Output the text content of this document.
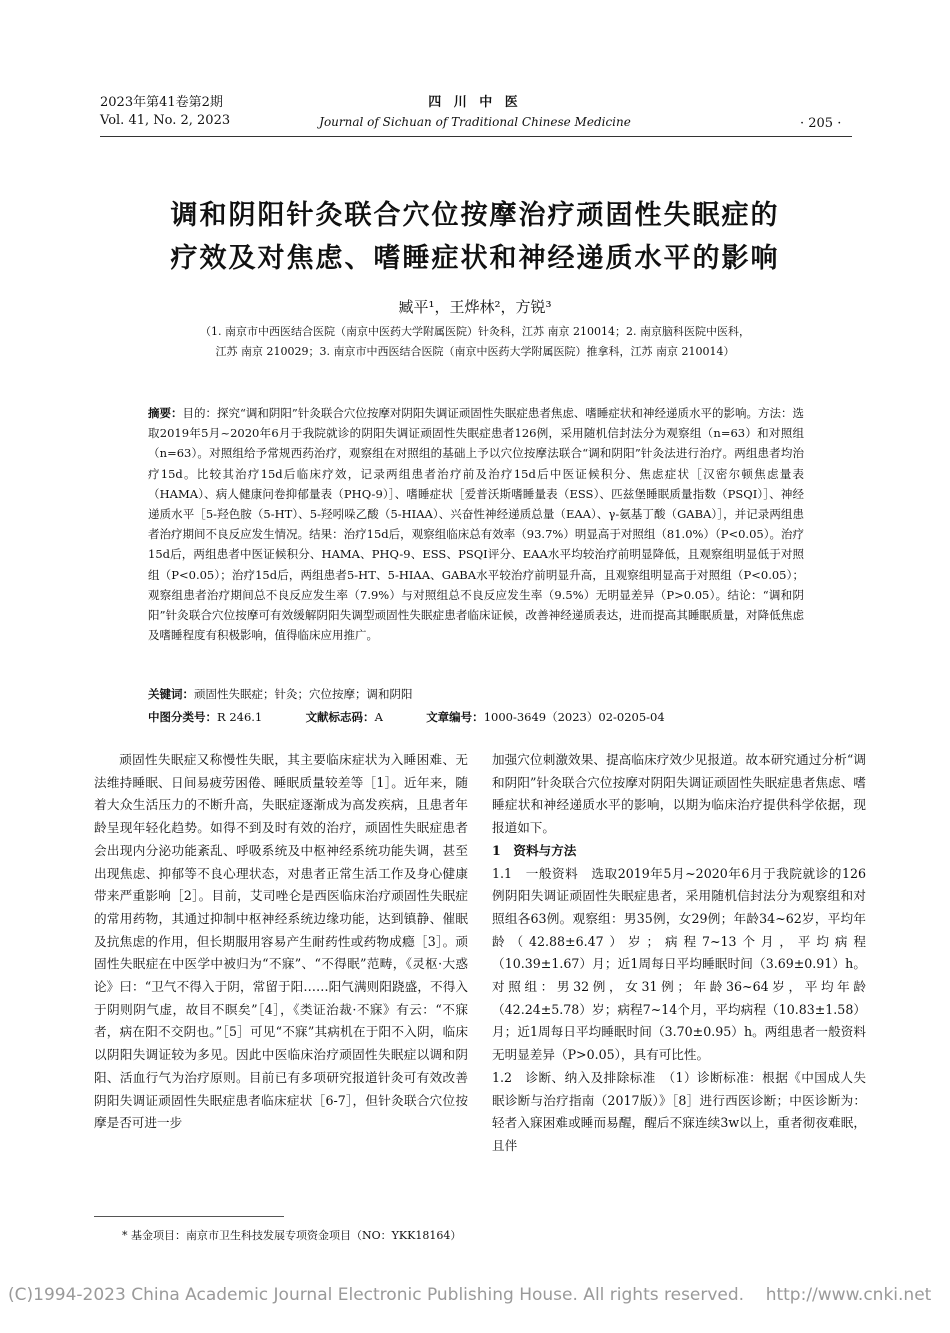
2023年第41卷第2期
Vol. 41, No. 2, 2023
四 川 中 医
Journal of Sichuan of Traditional Chinese Medicine	· 205 ·
调和阴阳针灸联合穴位按摩治疗顽固性失眠症的
疗效及对焦虑、嗜睡症状和神经递质水平的影响
臧平¹，王烨林²，方锐³
（1. 南京市中西医结合医院（南京中医药大学附属医院）针灸科，江苏 南京 210014；2. 南京脑科医院中医科，
江苏 南京 210029；3. 南京市中西医结合医院（南京中医药大学附属医院）推拿科，江苏 南京 210014）
摘要：目的：探究“调和阴阳”针灸联合穴位按摩对阴阳失调证顽固性失眠症患者焦虑、嗜睡症状和神经递质水平的影响。方法：选取2019年5月~2020年6月于我院就诊的阴阳失调证顽固性失眠症患者126例，采用随机信封法分为观察组（n=63）和对照组（n=63）。对照组给予常规西药治疗，观察组在对照组的基础上予以穴位按摩法联合“调和阴阳”针灸法进行治疗。两组患者均治疗15d。比较其治疗15d后临床疗效，记录两组患者治疗前及治疗15d后中医证候积分、焦虑症状［汉密尔顿焦虑量表（HAMA）、病人健康问卷抑郁量表（PHQ-9）］、嗜睡症状［爱普沃斯嗜睡量表（ESS）、匹兹堡睡眠质量指数（PSQI）］、神经递质水平［5-羟色胺（5-HT）、5-羟吲哚乙酸（5-HIAA）、兴奋性神经递质总量（EAA）、γ-氨基丁酸（GABA）］，并记录两组患者治疗期间不良反应发生情况。结果：治疗15d后，观察组临床总有效率（93.7%）明显高于对照组（81.0%）（P<0.05）。治疗15d后，两组患者中医证候积分、HAMA、PHQ-9、ESS、PSQI评分、EAA水平均较治疗前明显降低，且观察组明显低于对照组（P<0.05）；治疗15d后，两组患者5-HT、5-HIAA、GABA水平较治疗前明显升高，且观察组明显高于对照组（P<0.05）；观察组患者治疗期间总不良反应发生率（7.9%）与对照组总不良反应发生率（9.5%）无明显差异（P>0.05）。结论：“调和阴阳”针灸联合穴位按摩可有效缓解阴阳失调型顽固性失眠症患者临床证候，改善神经递质表达，进而提高其睡眠质量，对降低焦虑及嗜睡程度有积极影响，值得临床应用推广。
关键词：顽固性失眠症；针灸；穴位按摩；调和阴阳
中图分类号：R 246.1	文献标志码：A	文章编号：1000-3649（2023）02-0205-04

顽固性失眠症又称慢性失眠，其主要临床症状为入睡困难、无法维持睡眠、日间易疲劳困倦、睡眠质量较差等［1］。近年来，随着大众生活压力的不断升高，失眠症逐渐成为高发疾病，且患者年龄呈现年轻化趋势。如得不到及时有效的治疗，顽固性失眠症患者会出现内分泌功能紊乱、呼吸系统及中枢神经系统功能失调，甚至出现焦虑、抑郁等不良心理状态，对患者正常生活工作及身心健康带来严重影响［2］。目前，艾司唑仑是西医临床治疗顽固性失眠症的常用药物，其通过抑制中枢神经系统边缘功能，达到镇静、催眠及抗焦虑的作用，但长期服用容易产生耐药性或药物成瘾［3］。顽固性失眠症在中医学中被归为“不寐”、“不得眠”范畴，《灵枢·大惑论》曰：“卫气不得入于阴，常留于阳……阳气满则阳跷盛，不得入于阴则阴气虚，故目不瞑矣”［4］，《类证治裁·不寐》有云：“不寐者，病在阳不交阴也。”［5］可见“不寐”其病机在于阳不入阴，临床以阴阳失调证较为多见。因此中医临床治疗顽固性失眠症以调和阴阳、活血行气为治疗原则。目前已有多项研究报道针灸可有效改善阴阳失调证顽固性失眠症患者临床症状［6-7］，但针灸联合穴位按摩是否可进一步

加强穴位刺激效果、提高临床疗效少见报道。故本研究通过分析“调和阴阳”针灸联合穴位按摩对阴阳失调证顽固性失眠症患者焦虑、嗜睡症状和神经递质水平的影响，以期为临床治疗提供科学依据，现报道如下。

1　资料与方法

1.1　一般资料　选取2019年5月~2020年6月于我院就诊的126例阴阳失调证顽固性失眠症患者，采用随机信封法分为观察组和对照组各63例。观察组：男35例，女29例；年龄34~62岁，平均年龄（42.88±6.47）岁；病程7~13个月，平均病程（10.39±1.67）月；近1周每日平均睡眠时间（3.69±0.91）h。对照组：男32例，女31例；年龄36~64岁，平均年龄（42.24±5.78）岁；病程7~14个月，平均病程（10.83±1.58）月；近1周每日平均睡眠时间（3.70±0.95）h。两组患者一般资料无明显差异（P>0.05），具有可比性。

1.2　诊断、纳入及排除标准　（1）诊断标准：根据《中国成人失眠诊断与治疗指南（2017版）》［8］进行西医诊断；中医诊断为：轻者入寐困难或睡而易醒，醒后不寐连续3w以上，重者彻夜难眠，且伴

* 基金项目：南京市卫生科技发展专项资金项目（NO：YKK18164）
(C)1994-2023 China Academic Journal Electronic Publishing House. All rights reserved.    http://www.cnki.net
